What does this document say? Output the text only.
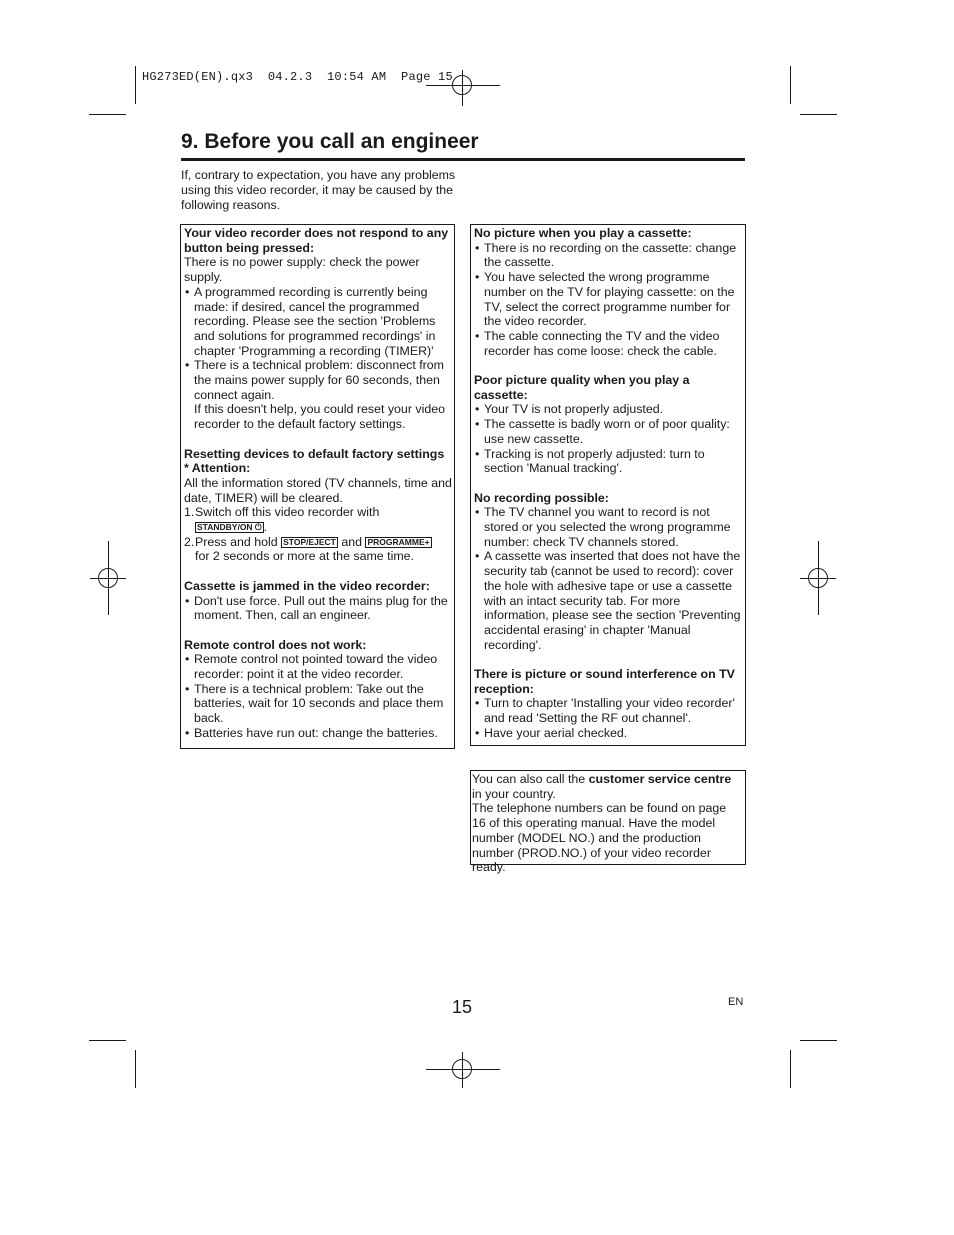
HG273ED(EN).qx3  04.2.3  10:54 AM  Page 15
9. Before you call an engineer

If, contrary to expectation, you have any problems using this video recorder, it may be caused by the following reasons.

Your video recorder does not respond to any button being pressed:

There is no power supply: check the power supply.

• A programmed recording is currently being made: if desired, cancel the programmed recording. Please see the section 'Problems and solutions for programmed recordings' in chapter 'Programming a recording (TIMER)'
• There is a technical problem: disconnect from the mains power supply for 60 seconds, then connect again.
If this doesn't help, you could reset your video recorder to the default factory settings.
Resetting devices to default factory settings
* Attention:

All the information stored (TV channels, time and date, TIMER) will be cleared.

1. Switch off this video recorder with
STANDBY/ON ⏻ .
2. Press and hold STOP/EJECT and PROGRAMME+
for 2 seconds or more at the same time.
Cassette is jammed in the video recorder:
• Don't use force. Pull out the mains plug for the moment. Then, call an engineer.
Remote control does not work:
• Remote control not pointed toward the video recorder: point it at the video recorder.
• There is a technical problem: Take out the batteries, wait for 10 seconds and place them back.
• Batteries have run out: change the batteries.
No picture when you play a cassette:
• There is no recording on the cassette: change the cassette.
• You have selected the wrong programme number on the TV for playing cassette: on the TV, select the correct programme number for the video recorder.
• The cable connecting the TV and the video recorder has come loose: check the cable.
Poor picture quality when you play a cassette:
• Your TV is not properly adjusted.
• The cassette is badly worn or of poor quality: use new cassette.
• Tracking is not properly adjusted: turn to section 'Manual tracking'.
No recording possible:
• The TV channel you want to record is not stored or you selected the wrong programme number: check TV channels stored.
• A cassette was inserted that does not have the security tab (cannot be used to record): cover the hole with adhesive tape or use a cassette with an intact security tab. For more information, please see the section 'Preventing accidental erasing' in chapter 'Manual recording'.
There is picture or sound interference on TV reception:
• Turn to chapter 'Installing your video recorder' and read 'Setting the RF out channel'.
• Have your aerial checked.

You can also call the customer service centre in your country.

The telephone numbers can be found on page 16 of this operating manual. Have the model number (MODEL NO.) and the production number (PROD.NO.) of your video recorder ready.

15	EN
